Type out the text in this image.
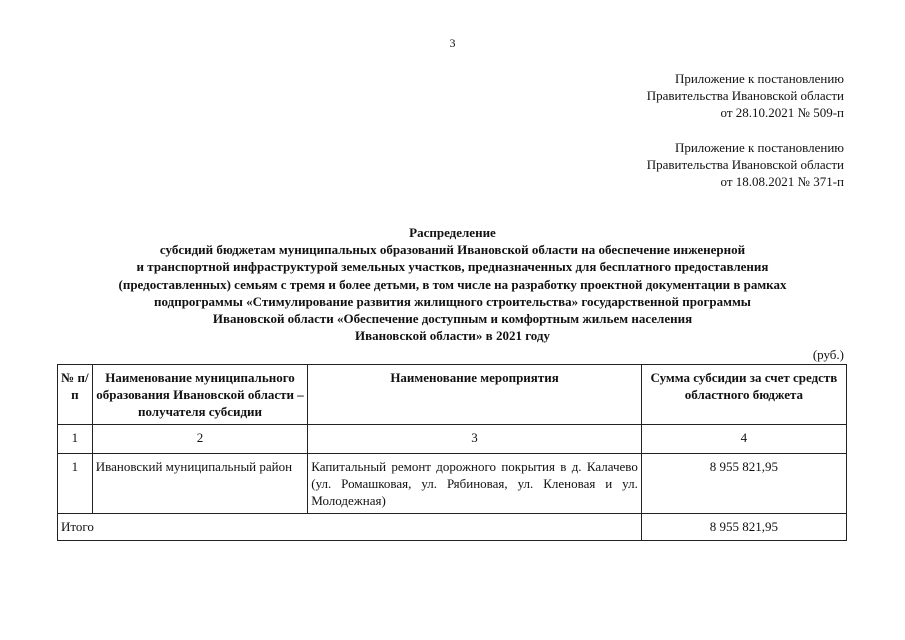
3
Приложение к постановлению
Правительства Ивановской области
от 28.10.2021 № 509-п
Приложение к постановлению
Правительства Ивановской области
от 18.08.2021 № 371-п
Распределение
субсидий бюджетам муниципальных образований Ивановской области на обеспечение инженерной
и транспортной инфраструктурой земельных участков, предназначенных для бесплатного предоставления
(предоставленных) семьям с тремя и более детьми, в том числе на разработку проектной документации в рамках
подпрограммы «Стимулирование развития жилищного строительства» государственной программы
Ивановской области «Обеспечение доступным и комфортным жильем населения
Ивановской области» в 2021 году
(руб.)
№ п/п	Наименование муниципального образования Ивановской области – получателя субсидии	Наименование мероприятия	Сумма субсидии за счет средств областного бюджета
1	2	3	4
1	Ивановский муниципальный район	Капитальный ремонт дорожного покрытия в д. Калачево (ул. Ромашковая, ул. Рябиновая, ул. Кленовая и ул. Молодежная)	8 955 821,95
Итого			8 955 821,95
